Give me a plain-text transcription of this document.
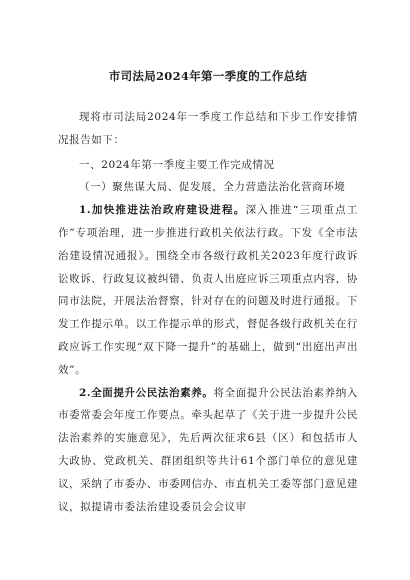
市司法局2024年第一季度的工作总结

现将市司法局2024年一季度工作总结和下步工作安排情况报告如下：

一、2024年第一季度主要工作完成情况

（一）聚焦谋大局、促发展，全力营造法治化营商环境

1.加快推进法治政府建设进程。深入推进“三项重点工作”专项治理，进一步推进行政机关依法行政。下发《全市法治建设情况通报》。围绕全市各级行政机关2023年度行政诉讼败诉、行政复议被纠错、负责人出庭应诉三项重点内容，协同市法院，开展法治督察，针对存在的问题及时进行通报。下发工作提示单。以工作提示单的形式，督促各级行政机关在行政应诉工作实现“双下降一提升”的基础上，做到“出庭出声出效”。

2.全面提升公民法治素养。将全面提升公民法治素养纳入市委常委会年度工作要点。牵头起草了《关于进一步提升公民法治素养的实施意见》，先后两次征求6县（区）和包括市人大政协、党政机关、群团组织等共计61个部门单位的意见建议，采纳了市委办、市委网信办、市直机关工委等部门意见建议，拟提请市委法治建设委员会会议审
